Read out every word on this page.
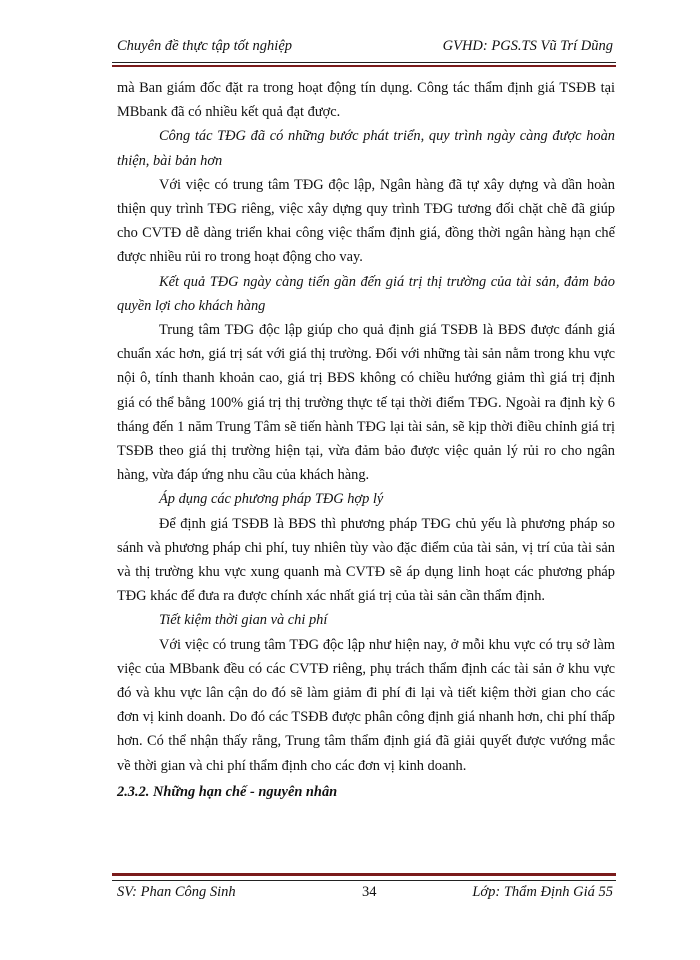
Chuyên đề thực tập tốt nghiệp	GVHD: PGS.TS Vũ Trí Dũng

mà Ban giám đốc đặt ra trong hoạt động tín dụng. Công tác thẩm định giá TSĐB tại MBbank đã có nhiều kết quả đạt được.

Công tác TĐG đã có những bước phát triển, quy trình ngày càng được hoàn thiện, bài bản hơn

Với việc có trung tâm TĐG độc lập, Ngân hàng đã tự xây dựng và dần hoàn thiện quy trình TĐG riêng, việc xây dựng quy trình TĐG tương đối chặt chẽ đã giúp cho CVTĐ dễ dàng triển khai công việc thẩm định giá, đồng thời ngân hàng hạn chế được nhiều rủi ro trong hoạt động cho vay.

Kết quả TĐG ngày càng tiến gần đến giá trị thị trường của tài sản, đảm bảo quyền lợi cho khách hàng

Trung tâm TĐG độc lập giúp cho quả định giá TSĐB là BĐS được đánh giá chuẩn xác hơn, giá trị sát với giá thị trường. Đối với những tài sản nằm trong khu vực nội ô, tính thanh khoản cao, giá trị BĐS không có chiều hướng giảm thì giá trị định giá có thể bằng 100% giá trị thị trường thực tế tại thời điểm TĐG. Ngoài ra định kỳ 6 tháng đến 1 năm Trung Tâm sẽ tiến hành TĐG lại tài sản, sẽ kịp thời điều chỉnh giá trị TSĐB theo giá thị trường hiện tại, vừa đảm bảo được việc quản lý rủi ro cho ngân hàng, vừa đáp ứng nhu cầu của khách hàng.

Áp dụng các phương pháp TĐG hợp lý

Để định giá TSĐB là BĐS thì phương pháp TĐG chủ yếu là phương pháp so sánh và phương pháp chi phí, tuy nhiên tùy vào đặc điểm của tài sản, vị trí của tài sản và thị trường khu vực xung quanh mà CVTĐ sẽ áp dụng linh hoạt các phương pháp TĐG khác để đưa ra được chính xác nhất giá trị của tài sản cần thẩm định.

Tiết kiệm thời gian và chi phí

Với việc có trung tâm TĐG độc lập như hiện nay, ở mỗi khu vực có trụ sở làm việc của MBbank đều có các CVTĐ riêng, phụ trách thẩm định các tài sản ở khu vực đó và khu vực lân cận do đó sẽ làm giảm đi phí đi lại và tiết kiệm thời gian cho các đơn vị kinh doanh. Do đó các TSĐB được phân công định giá nhanh hơn, chi phí thấp hơn. Có thể nhận thấy rằng, Trung tâm thẩm định giá đã giải quyết được vướng mắc về thời gian và chi phí thẩm định cho các đơn vị kinh doanh.

2.3.2. Những hạn chế - nguyên nhân

SV: Phan Công Sinh	34	Lớp: Thẩm Định Giá 55
